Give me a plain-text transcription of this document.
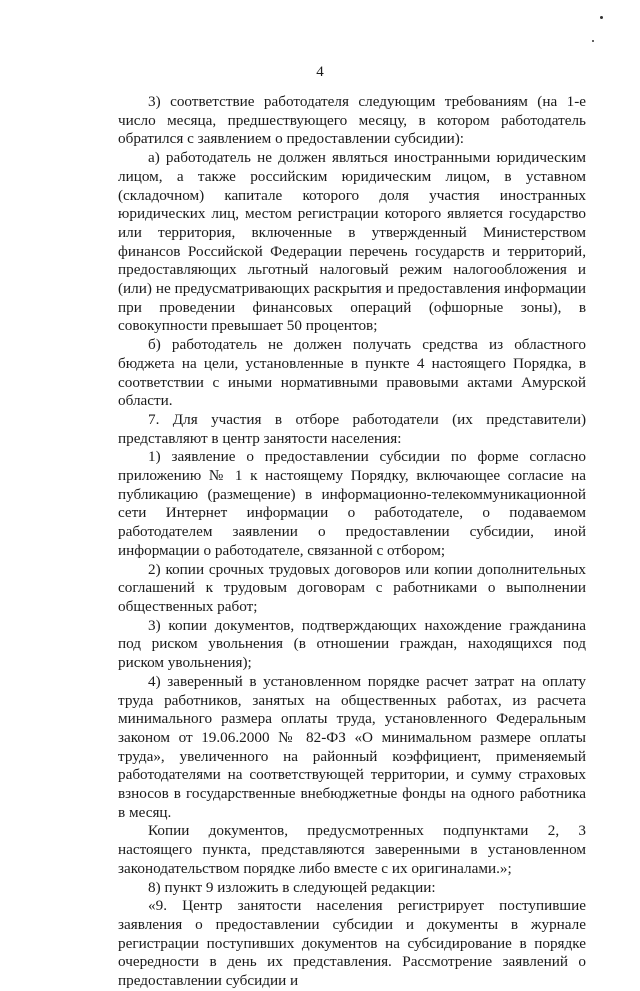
4

3) соответствие работодателя следующим требованиям (на 1-е число месяца, предшествующего месяцу, в котором работодатель обратился с заявлением о предоставлении субсидии):

а) работодатель не должен являться иностранными юридическим лицом, а также российским юридическим лицом, в уставном (складочном) капитале которого доля участия иностранных юридических лиц, местом регистрации которого является государство или территория, включенные в утвержденный Министерством финансов Российской Федерации перечень государств и территорий, предоставляющих льготный налоговый режим налогообложения и (или) не предусматривающих раскрытия и предоставления информации при проведении финансовых операций (офшорные зоны), в совокупности превышает 50 процентов;

б) работодатель не должен получать средства из областного бюджета на цели, установленные в пункте 4 настоящего Порядка, в соответствии с иными нормативными правовыми актами Амурской области.

7. Для участия в отборе работодатели (их представители) представляют в центр занятости населения:

1) заявление о предоставлении субсидии по форме согласно приложению № 1 к настоящему Порядку, включающее согласие на публикацию (размещение) в информационно-телекоммуникационной сети Интернет информации о работодателе, о подаваемом работодателем заявлении о предоставлении субсидии, иной информации о работодателе, связанной с отбором;

2) копии срочных трудовых договоров или копии дополнительных соглашений к трудовым договорам с работниками о выполнении общественных работ;

3) копии документов, подтверждающих нахождение гражданина под риском увольнения (в отношении граждан, находящихся под риском увольнения);

4) заверенный в установленном порядке расчет затрат на оплату труда работников, занятых на общественных работах, из расчета минимального размера оплаты труда, установленного Федеральным законом от 19.06.2000 № 82-ФЗ «О минимальном размере оплаты труда», увеличенного на районный коэффициент, применяемый работодателями на соответствующей территории, и сумму страховых взносов в государственные внебюджетные фонды на одного работника в месяц.

Копии документов, предусмотренных подпунктами 2, 3 настоящего пункта, представляются заверенными в установленном законодательством порядке либо вместе с их оригиналами.»;

8) пункт 9 изложить в следующей редакции:

«9. Центр занятости населения регистрирует поступившие заявления о предоставлении субсидии и документы в журнале регистрации поступивших документов на субсидирование в порядке очередности в день их представления. Рассмотрение заявлений о предоставлении субсидии и
